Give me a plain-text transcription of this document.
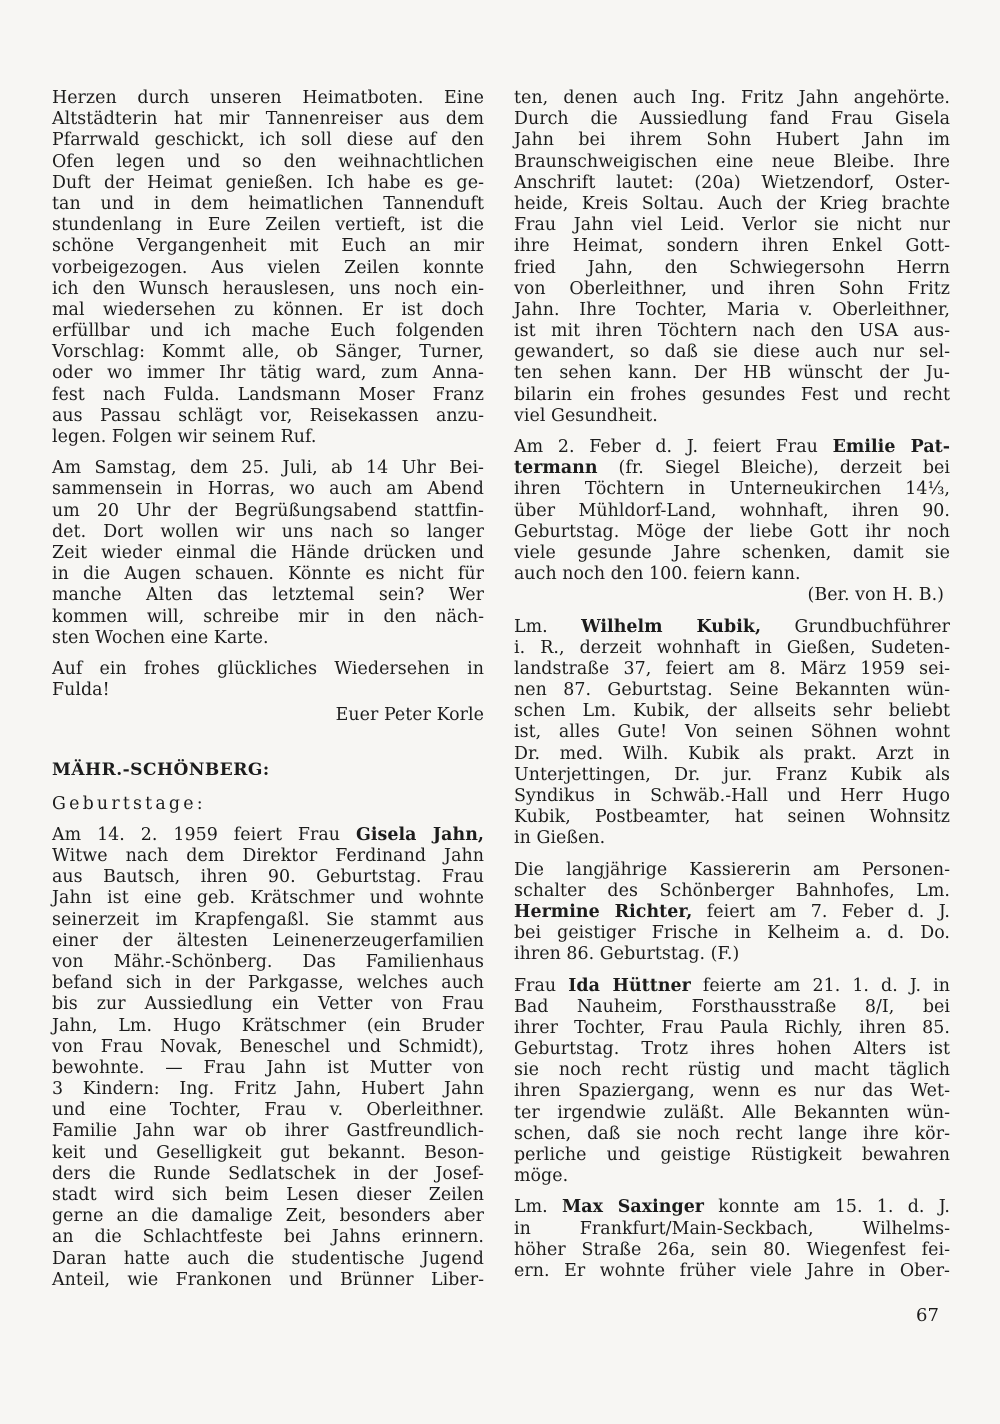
Herzen durch unseren Heimatboten. Eine
Altstädterin hat mir Tannenreiser aus dem
Pfarrwald geschickt, ich soll diese auf den
Ofen legen und so den weihnachtlichen
Duft der Heimat genießen. Ich habe es ge-
tan und in dem heimatlichen Tannenduft
stundenlang in Eure Zeilen vertieft, ist die
schöne Vergangenheit mit Euch an mir
vorbeigezogen. Aus vielen Zeilen konnte
ich den Wunsch herauslesen, uns noch ein-
mal wiedersehen zu können. Er ist doch
erfüllbar und ich mache Euch folgenden
Vorschlag: Kommt alle, ob Sänger, Turner,
oder wo immer Ihr tätig ward, zum Anna-
fest nach Fulda. Landsmann Moser Franz
aus Passau schlägt vor, Reisekassen anzu-
legen. Folgen wir seinem Ruf.
Am Samstag, dem 25. Juli, ab 14 Uhr Bei-
sammensein in Horras, wo auch am Abend
um 20 Uhr der Begrüßungsabend stattfin-
det. Dort wollen wir uns nach so langer
Zeit wieder einmal die Hände drücken und
in die Augen schauen. Könnte es nicht für
manche Alten das letztemal sein? Wer
kommen will, schreibe mir in den näch-
sten Wochen eine Karte.
Auf ein frohes glückliches Wiedersehen in
Fulda!
Euer Peter Korle
MÄHR.-SCHÖNBERG:
Geburtstage:
Am 14. 2. 1959 feiert Frau Gisela Jahn,
Witwe nach dem Direktor Ferdinand Jahn
aus Bautsch, ihren 90. Geburtstag. Frau
Jahn ist eine geb. Krätschmer und wohnte
seinerzeit im Krapfengaßl. Sie stammt aus
einer der ältesten Leinenerzeugerfamilien
von Mähr.-Schönberg. Das Familienhaus
befand sich in der Parkgasse, welches auch
bis zur Aussiedlung ein Vetter von Frau
Jahn, Lm. Hugo Krätschmer (ein Bruder
von Frau Novak, Beneschel und Schmidt),
bewohnte. — Frau Jahn ist Mutter von
3 Kindern: Ing. Fritz Jahn, Hubert Jahn
und eine Tochter, Frau v. Oberleithner.
Familie Jahn war ob ihrer Gastfreundlich-
keit und Geselligkeit gut bekannt. Beson-
ders die Runde Sedlatschek in der Josef-
stadt wird sich beim Lesen dieser Zeilen
gerne an die damalige Zeit, besonders aber
an die Schlachtfeste bei Jahns erinnern.
Daran hatte auch die studentische Jugend
Anteil, wie Frankonen und Brünner Liber-
ten, denen auch Ing. Fritz Jahn angehörte.
Durch die Aussiedlung fand Frau Gisela
Jahn bei ihrem Sohn Hubert Jahn im
Braunschweigischen eine neue Bleibe. Ihre
Anschrift lautet: (20a) Wietzendorf, Oster-
heide, Kreis Soltau. Auch der Krieg brachte
Frau Jahn viel Leid. Verlor sie nicht nur
ihre Heimat, sondern ihren Enkel Gott-
fried Jahn, den Schwiegersohn Herrn
von Oberleithner, und ihren Sohn Fritz
Jahn. Ihre Tochter, Maria v. Oberleithner,
ist mit ihren Töchtern nach den USA aus-
gewandert, so daß sie diese auch nur sel-
ten sehen kann. Der HB wünscht der Ju-
bilarin ein frohes gesundes Fest und recht
viel Gesundheit.
Am 2. Feber d. J. feiert Frau Emilie Pat-
termann (fr. Siegel Bleiche), derzeit bei
ihren Töchtern in Unterneukirchen 14⅓,
über Mühldorf-Land, wohnhaft, ihren 90.
Geburtstag. Möge der liebe Gott ihr noch
viele gesunde Jahre schenken, damit sie
auch noch den 100. feiern kann.
(Ber. von H. B.)
Lm. Wilhelm Kubik, Grundbuchführer
i. R., derzeit wohnhaft in Gießen, Sudeten-
landstraße 37, feiert am 8. März 1959 sei-
nen 87. Geburtstag. Seine Bekannten wün-
schen Lm. Kubik, der allseits sehr beliebt
ist, alles Gute! Von seinen Söhnen wohnt
Dr. med. Wilh. Kubik als prakt. Arzt in
Unterjettingen, Dr. jur. Franz Kubik als
Syndikus in Schwäb.-Hall und Herr Hugo
Kubik, Postbeamter, hat seinen Wohnsitz
in Gießen.
Die langjährige Kassiererin am Personen-
schalter des Schönberger Bahnhofes, Lm.
Hermine Richter, feiert am 7. Feber d. J.
bei geistiger Frische in Kelheim a. d. Do.
ihren 86. Geburtstag. (F.)
Frau Ida Hüttner feierte am 21. 1. d. J. in
Bad Nauheim, Forsthausstraße 8/I, bei
ihrer Tochter, Frau Paula Richly, ihren 85.
Geburtstag. Trotz ihres hohen Alters ist
sie noch recht rüstig und macht täglich
ihren Spaziergang, wenn es nur das Wet-
ter irgendwie zuläßt. Alle Bekannten wün-
schen, daß sie noch recht lange ihre kör-
perliche und geistige Rüstigkeit bewahren
möge.
Lm. Max Saxinger konnte am 15. 1. d. J.
in Frankfurt/Main-Seckbach, Wilhelms-
höher Straße 26a, sein 80. Wiegenfest fei-
ern. Er wohnte früher viele Jahre in Ober-
67
